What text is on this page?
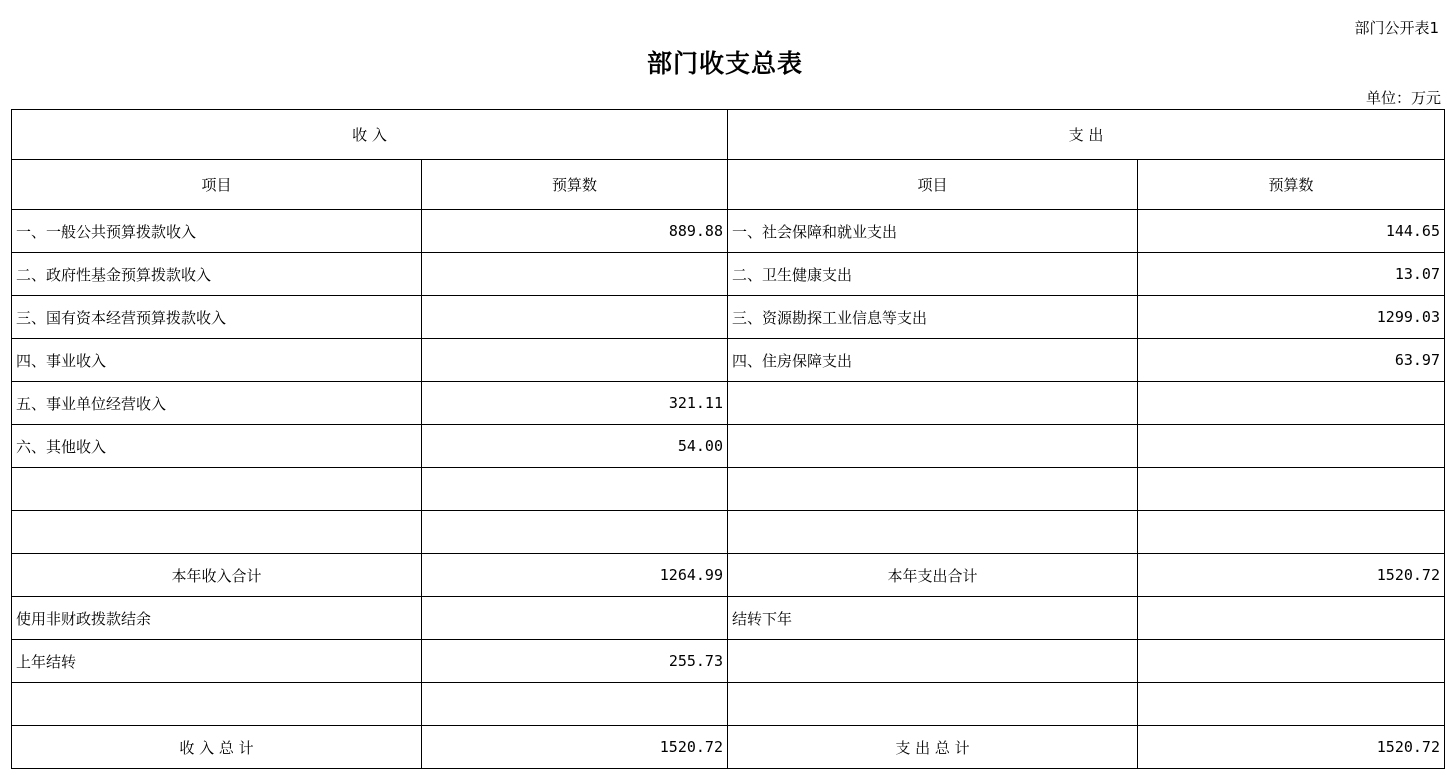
部门公开表1
部门收支总表
单位：万元
收 入		支 出	
项目	预算数	项目	预算数
一、一般公共预算拨款收入	889.88	一、社会保障和就业支出	144.65
二、政府性基金预算拨款收入		二、卫生健康支出	13.07
三、国有资本经营预算拨款收入		三、资源勘探工业信息等支出	1299.03
四、事业收入		四、住房保障支出	63.97
五、事业单位经营收入	321.11		
六、其他收入	54.00		

本年收入合计	1264.99	本年支出合计	1520.72
使用非财政拨款结余		结转下年	
上年结转	255.73		

收 入 总 计	1520.72	支 出 总 计	1520.72
